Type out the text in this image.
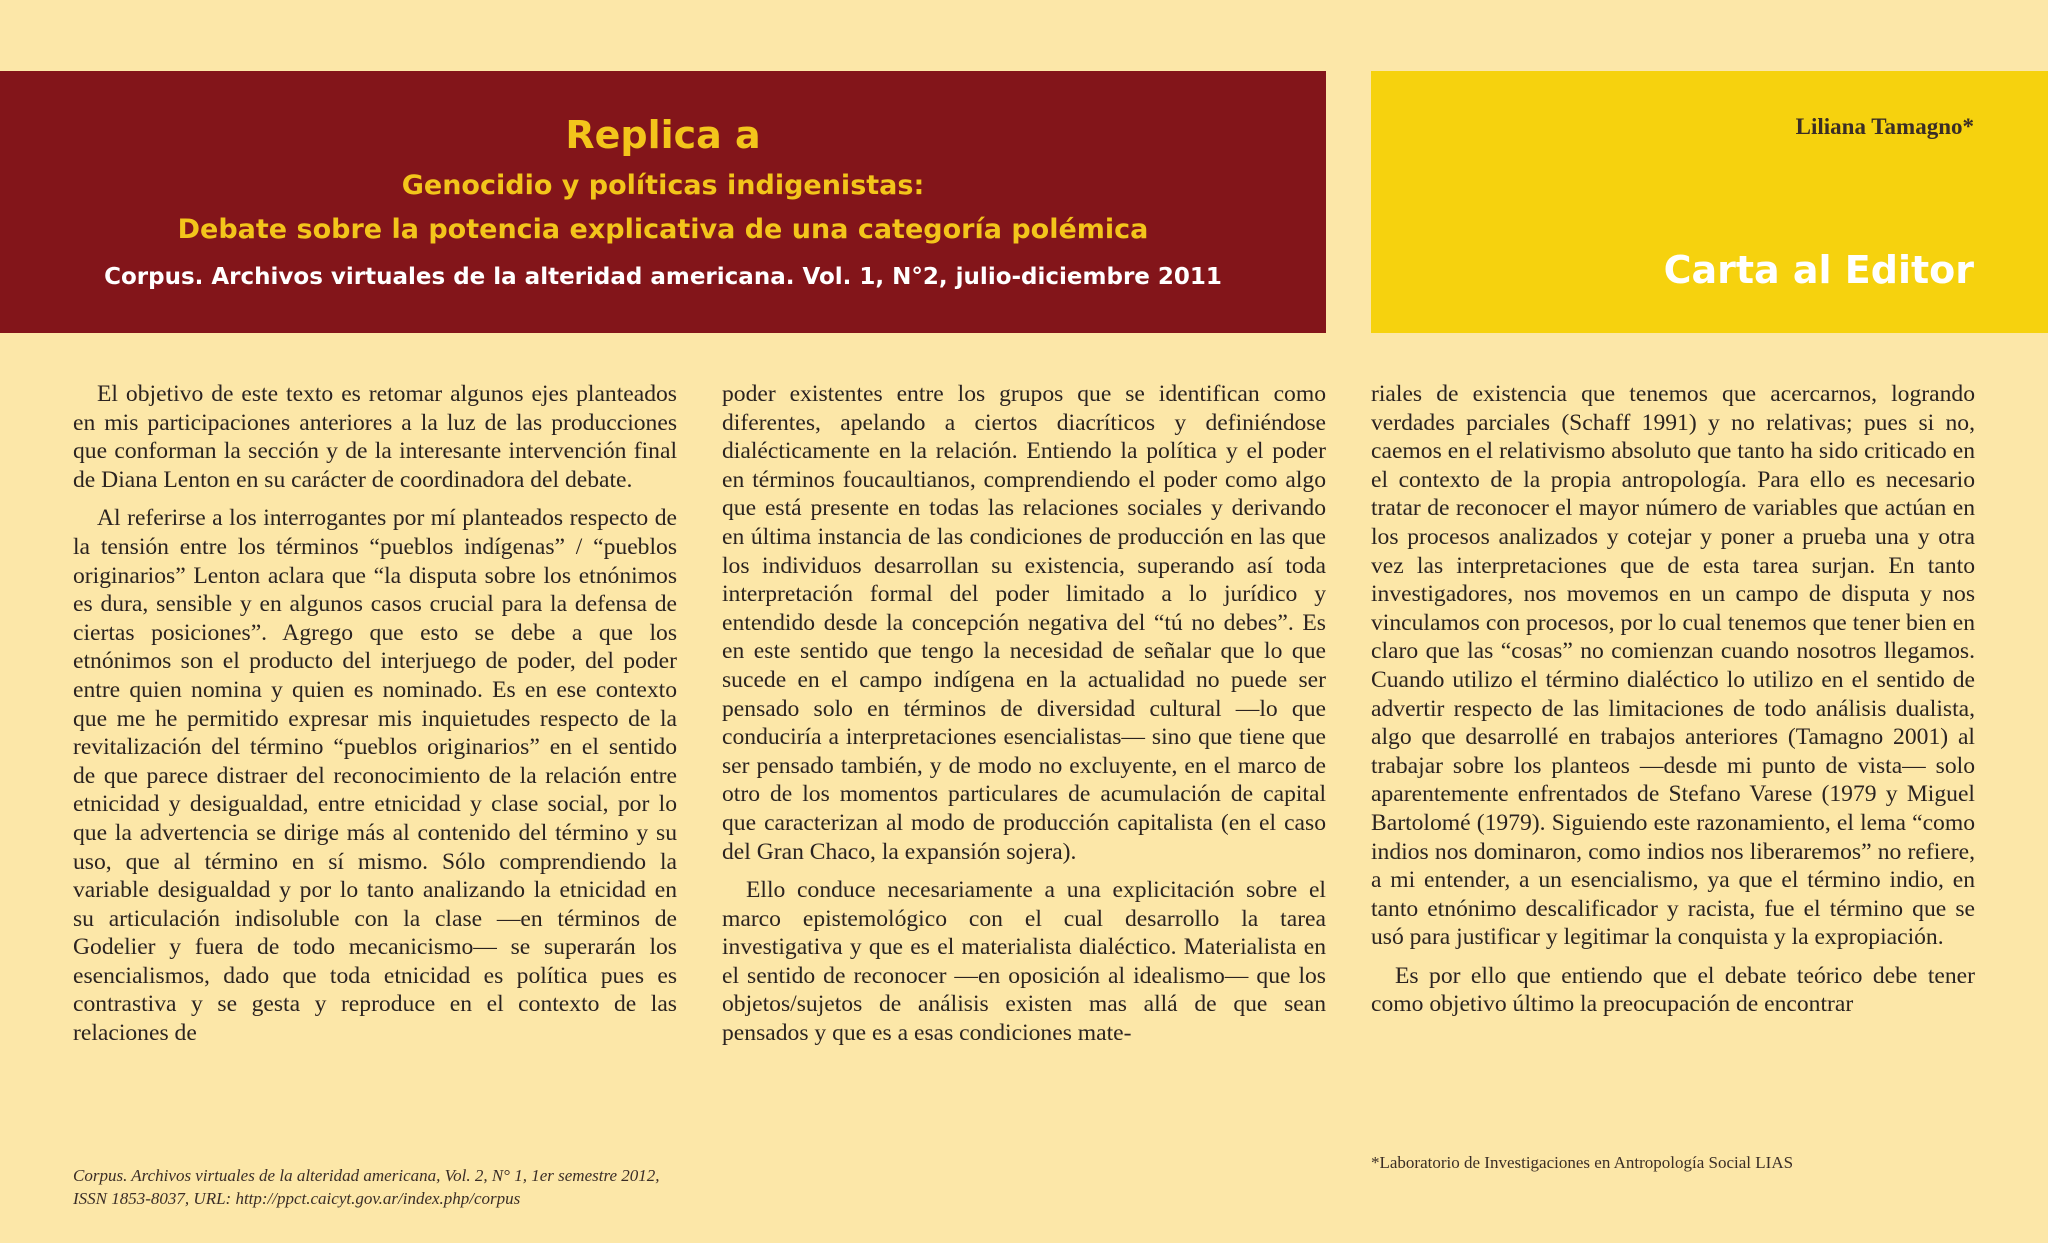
Replica a
Genocidio y políticas indigenistas:
Debate sobre la potencia explicativa de una categoría polémica
Corpus. Archivos virtuales de la alteridad americana. Vol. 1, N°2, julio-diciembre 2011
Liliana Tamagno*
Carta al Editor

El objetivo de este texto es retomar algunos ejes planteados en mis participaciones anteriores a la luz de las producciones que conforman la sección y de la interesante intervención final de Diana Lenton en su carácter de coordinadora del debate.

Al referirse a los interrogantes por mí planteados respecto de la tensión entre los términos “pueblos indígenas” / “pueblos originarios” Lenton aclara que “la disputa sobre los etnónimos es dura, sensible y en algunos casos crucial para la defensa de ciertas posiciones”. Agrego que esto se debe a que los etnónimos son el producto del interjuego de poder, del poder entre quien nomina y quien es nominado. Es en ese contexto que me he permitido expresar mis inquietudes respecto de la revitalización del término “pueblos originarios” en el sentido de que parece distraer del reconocimiento de la relación entre etnicidad y desigualdad, entre etnicidad y clase social, por lo que la advertencia se dirige más al contenido del término y su uso, que al término en sí mismo. Sólo comprendiendo la variable desigualdad y por lo tanto analizando la etnicidad en su articulación indisoluble con la clase —en términos de Godelier y fuera de todo mecanicismo— se superarán los esencialismos, dado que toda etnicidad es política pues es contrastiva y se gesta y reproduce en el contexto de las relaciones de

poder existentes entre los grupos que se identifican como diferentes, apelando a ciertos diacríticos y definiéndose dialécticamente en la relación. Entiendo la política y el poder en términos foucaultianos, comprendiendo el poder como algo que está presente en todas las relaciones sociales y derivando en última instancia de las condiciones de producción en las que los individuos desarrollan su existencia, superando así toda interpretación formal del poder limitado a lo jurídico y entendido desde la concepción negativa del “tú no debes”. Es en este sentido que tengo la necesidad de señalar que lo que sucede en el campo indígena en la actualidad no puede ser pensado solo en términos de diversidad cultural —lo que conduciría a interpretaciones esencialistas— sino que tiene que ser pensado también, y de modo no excluyente, en el marco de otro de los momentos particulares de acumulación de capital que caracterizan al modo de producción capitalista (en el caso del Gran Chaco, la expansión sojera).

Ello conduce necesariamente a una explicitación sobre el marco epistemológico con el cual desarrollo la tarea investigativa y que es el materialista dialéctico. Materialista en el sentido de reconocer —en oposición al idealismo— que los objetos/sujetos de análisis existen mas allá de que sean pensados y que es a esas condiciones mate-

riales de existencia que tenemos que acercarnos, logrando verdades parciales (Schaff 1991) y no relativas; pues si no, caemos en el relativismo absoluto que tanto ha sido criticado en el contexto de la propia antropología. Para ello es necesario tratar de reconocer el mayor número de variables que actúan en los procesos analizados y cotejar y poner a prueba una y otra vez las interpretaciones que de esta tarea surjan. En tanto investigadores, nos movemos en un campo de disputa y nos vinculamos con procesos, por lo cual tenemos que tener bien en claro que las “cosas” no comienzan cuando nosotros llegamos. Cuando utilizo el término dialéctico lo utilizo en el sentido de advertir respecto de las limitaciones de todo análisis dualista, algo que desarrollé en trabajos anteriores (Tamagno 2001) al trabajar sobre los planteos —desde mi punto de vista— solo aparentemente enfrentados de Stefano Varese (1979 y Miguel Bartolomé (1979). Siguiendo este razonamiento, el lema “como indios nos dominaron, como indios nos liberaremos” no refiere, a mi entender, a un esencialismo, ya que el término indio, en tanto etnónimo descalificador y racista, fue el término que se usó para justificar y legitimar la conquista y la expropiación.

Es por ello que entiendo que el debate teórico debe tener como objetivo último la preocupación de encontrar

Corpus. Archivos virtuales de la alteridad americana, Vol. 2, N° 1, 1er semestre 2012,
ISSN 1853-8037, URL: http://ppct.caicyt.gov.ar/index.php/corpus
*Laboratorio de Investigaciones en Antropología Social LIAS
